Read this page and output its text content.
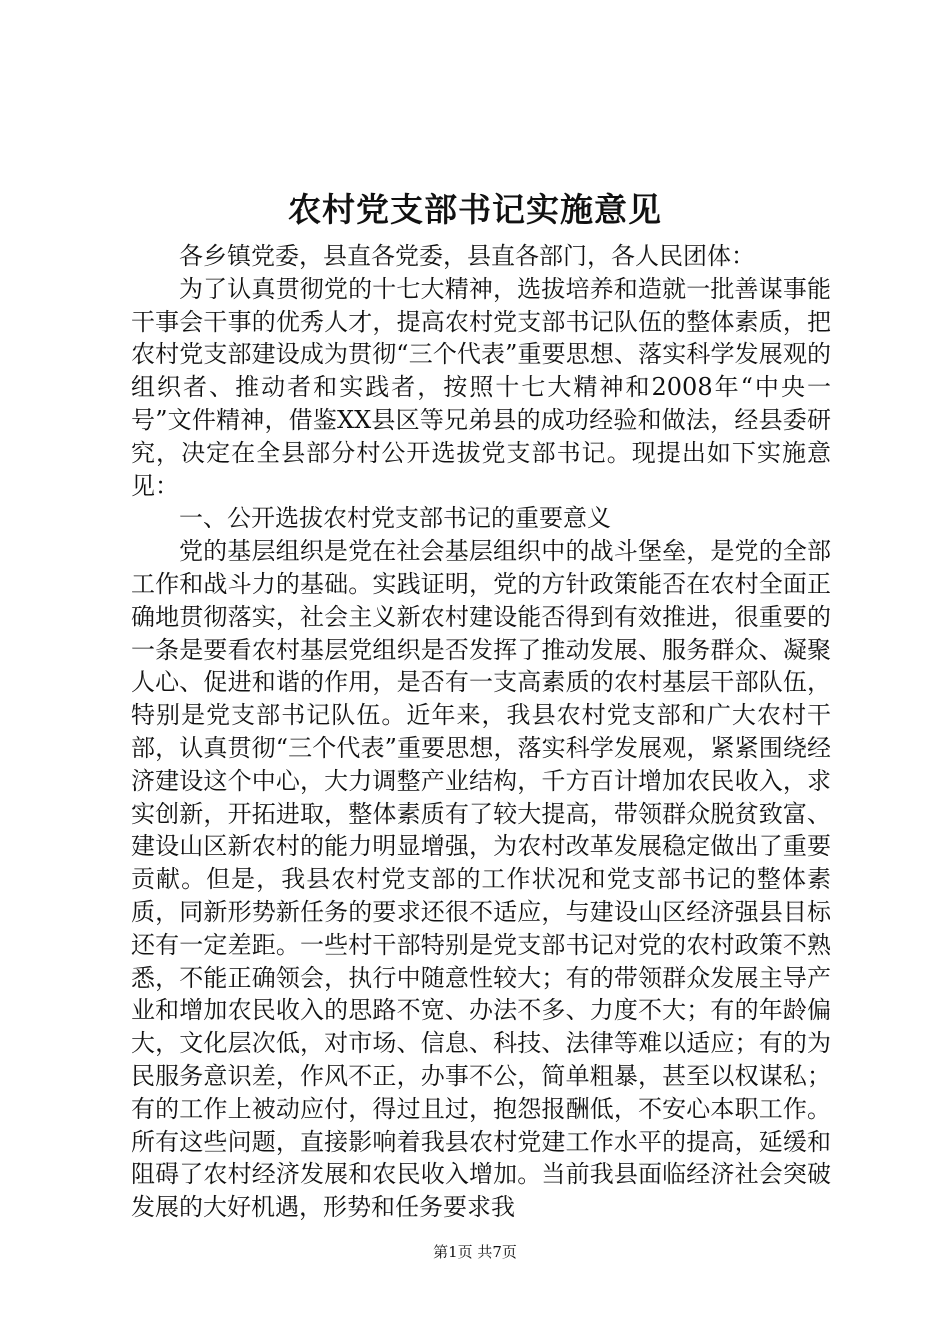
农村党支部书记实施意见

各乡镇党委，县直各党委，县直各部门，各人民团体：

为了认真贯彻党的十七大精神，选拔培养和造就一批善谋事能干事会干事的优秀人才，提高农村党支部书记队伍的整体素质，把农村党支部建设成为贯彻“三个代表”重要思想、落实科学发展观的组织者、推动者和实践者，按照十七大精神和2008年“中央一号”文件精神，借鉴XX县区等兄弟县的成功经验和做法，经县委研究，决定在全县部分村公开选拔党支部书记。现提出如下实施意见：

一、公开选拔农村党支部书记的重要意义

党的基层组织是党在社会基层组织中的战斗堡垒，是党的全部工作和战斗力的基础。实践证明，党的方针政策能否在农村全面正确地贯彻落实，社会主义新农村建设能否得到有效推进，很重要的一条是要看农村基层党组织是否发挥了推动发展、服务群众、凝聚人心、促进和谐的作用，是否有一支高素质的农村基层干部队伍，特别是党支部书记队伍。近年来，我县农村党支部和广大农村干部，认真贯彻“三个代表”重要思想，落实科学发展观，紧紧围绕经济建设这个中心，大力调整产业结构，千方百计增加农民收入，求实创新，开拓进取，整体素质有了较大提高，带领群众脱贫致富、建设山区新农村的能力明显增强，为农村改革发展稳定做出了重要贡献。但是，我县农村党支部的工作状况和党支部书记的整体素质，同新形势新任务的要求还很不适应，与建设山区经济强县目标还有一定差距。一些村干部特别是党支部书记对党的农村政策不熟悉，不能正确领会，执行中随意性较大；有的带领群众发展主导产业和增加农民收入的思路不宽、办法不多、力度不大；有的年龄偏大，文化层次低，对市场、信息、科技、法律等难以适应；有的为民服务意识差，作风不正，办事不公，简单粗暴，甚至以权谋私；有的工作上被动应付，得过且过，抱怨报酬低，不安心本职工作。所有这些问题，直接影响着我县农村党建工作水平的提高，延缓和阻碍了农村经济发展和农民收入增加。当前我县面临经济社会突破发展的大好机遇，形势和任务要求我

第1页 共7页
